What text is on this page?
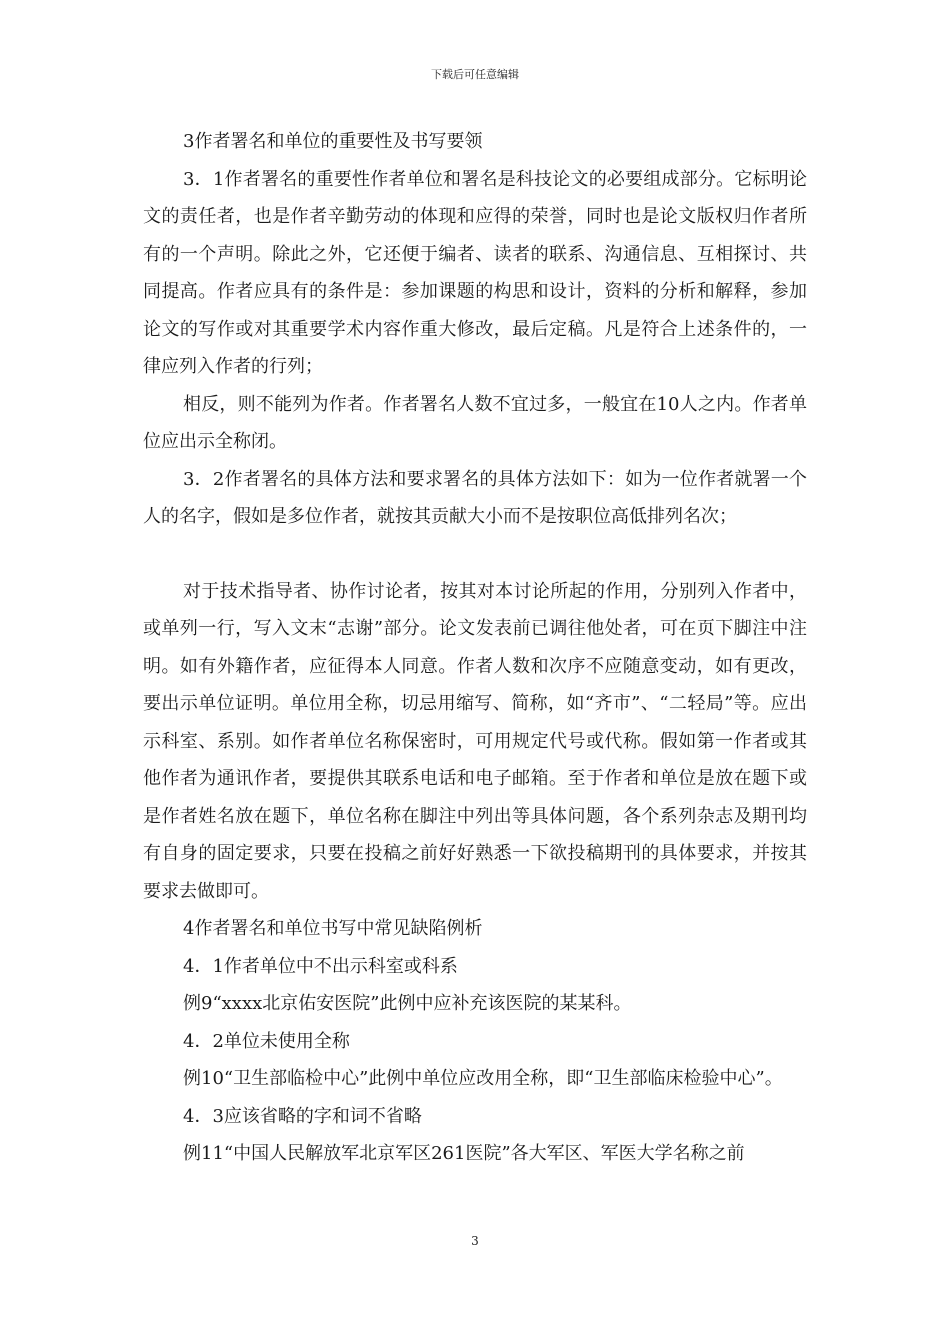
下载后可任意编辑

3作者署名和单位的重要性及书写要领

3．1作者署名的重要性作者单位和署名是科技论文的必要组成部分。它标明论文的责任者，也是作者辛勤劳动的体现和应得的荣誉，同时也是论文版权归作者所有的一个声明。除此之外，它还便于编者、读者的联系、沟通信息、互相探讨、共同提高。作者应具有的条件是：参加课题的构思和设计，资料的分析和解释，参加论文的写作或对其重要学术内容作重大修改，最后定稿。凡是符合上述条件的，一律应列入作者的行列；

相反，则不能列为作者。作者署名人数不宜过多，一般宜在10人之内。作者单位应出示全称闭。

3．2作者署名的具体方法和要求署名的具体方法如下：如为一位作者就署一个人的名字，假如是多位作者，就按其贡献大小而不是按职位高低排列名次；

对于技术指导者、协作讨论者，按其对本讨论所起的作用，分别列入作者中，或单列一行，写入文末“志谢”部分。论文发表前已调往他处者，可在页下脚注中注明。如有外籍作者，应征得本人同意。作者人数和次序不应随意变动，如有更改，要出示单位证明。单位用全称，切忌用缩写、简称，如“齐市”、“二轻局”等。应出示科室、系别。如作者单位名称保密时，可用规定代号或代称。假如第一作者或其他作者为通讯作者，要提供其联系电话和电子邮箱。至于作者和单位是放在题下或是作者姓名放在题下，单位名称在脚注中列出等具体问题，各个系列杂志及期刊均有自身的固定要求，只要在投稿之前好好熟悉一下欲投稿期刊的具体要求，并按其要求去做即可。

4作者署名和单位书写中常见缺陷例析

4．1作者单位中不出示科室或科系

例9“xxxx北京佑安医院”此例中应补充该医院的某某科。

4．2单位未使用全称

例10“卫生部临检中心”此例中单位应改用全称，即“卫生部临床检验中心”。

4．3应该省略的字和词不省略

例11“中国人民解放军北京军区261医院”各大军区、军医大学名称之前

3
